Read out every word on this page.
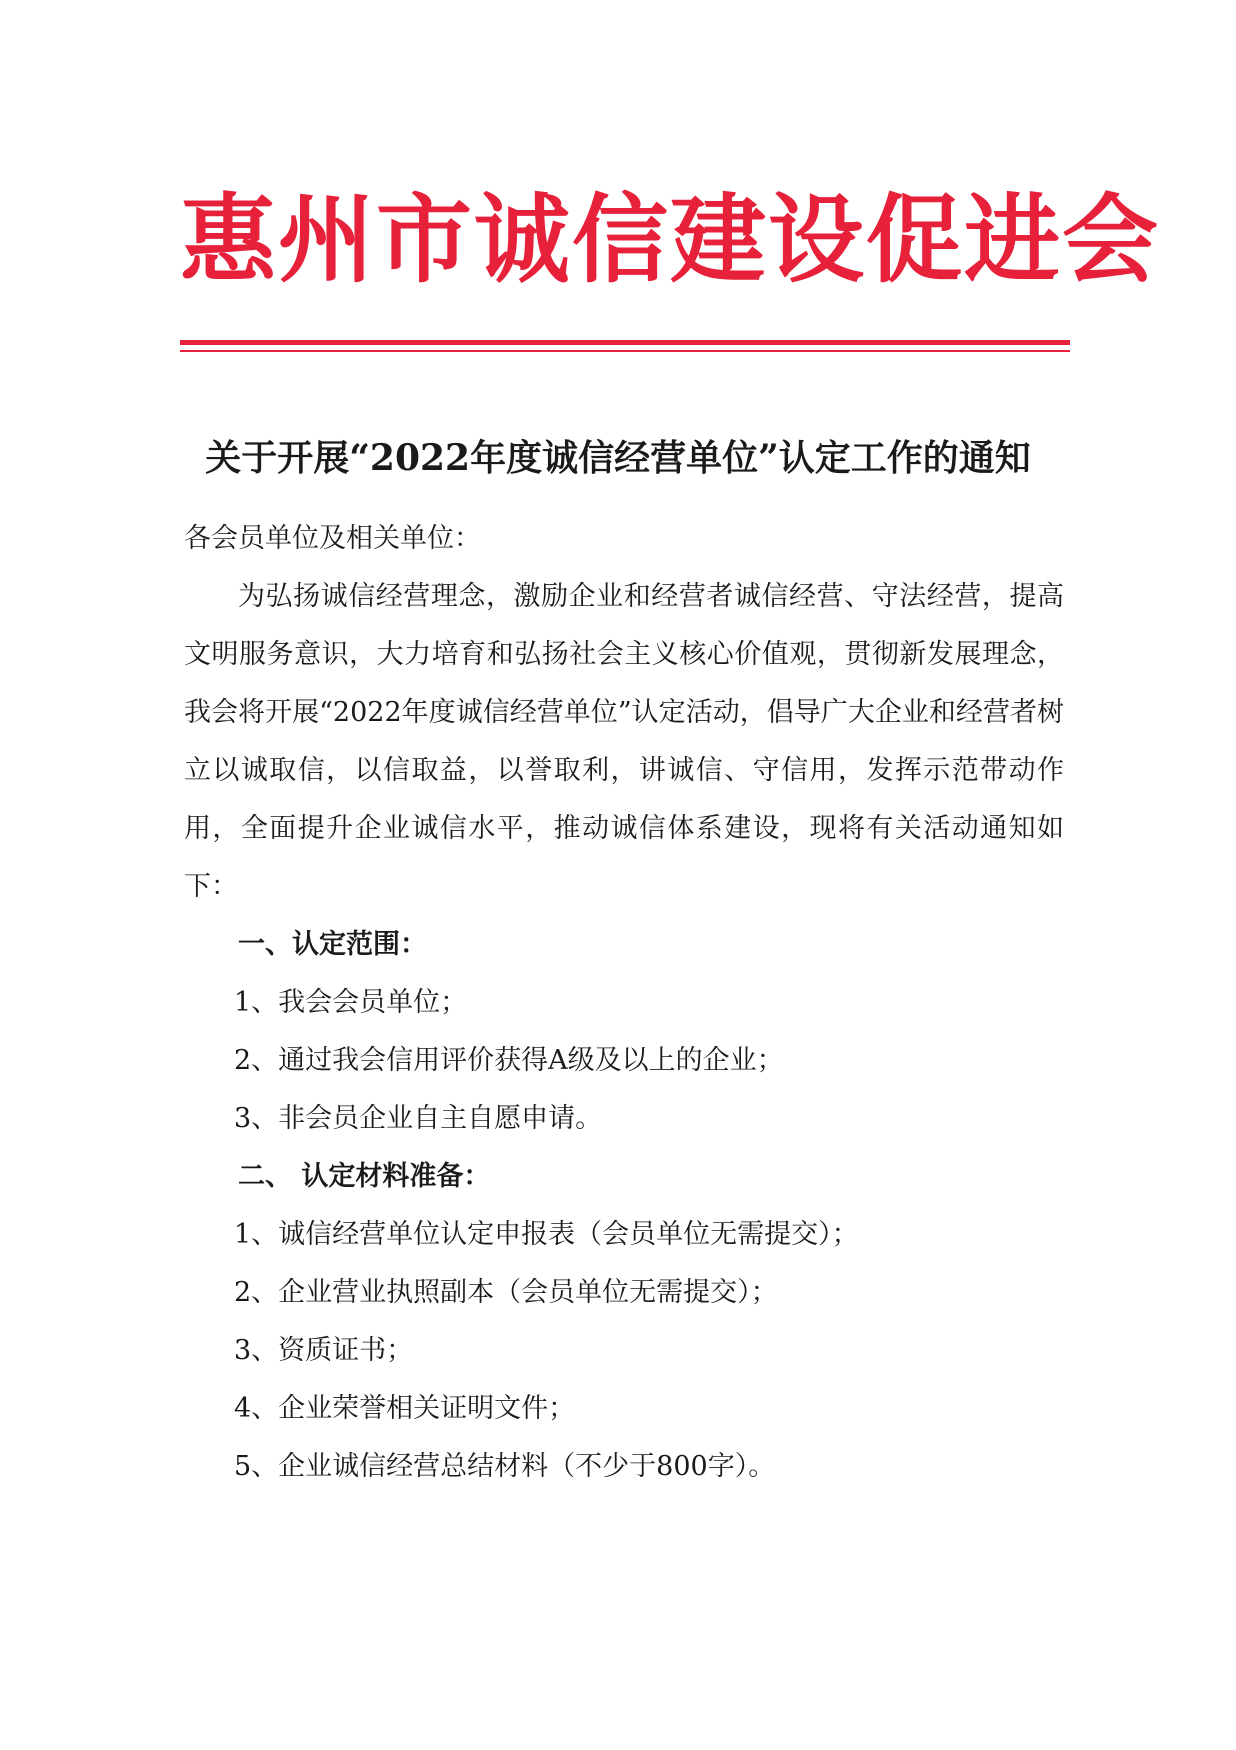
惠州市诚信建设促进会
关于开展“2022年度诚信经营单位”认定工作的通知

各会员单位及相关单位：

为弘扬诚信经营理念，激励企业和经营者诚信经营、守法经营，提高文明服务意识，大力培育和弘扬社会主义核心价值观，贯彻新发展理念，我会将开展“2022年度诚信经营单位”认定活动，倡导广大企业和经营者树立以诚取信，以信取益，以誉取利，讲诚信、守信用，发挥示范带动作用，全面提升企业诚信水平，推动诚信体系建设，现将有关活动通知如下：

一、认定范围：

1、我会会员单位；

2、通过我会信用评价获得A级及以上的企业；

3、非会员企业自主自愿申请。

二、 认定材料准备：

1、诚信经营单位认定申报表（会员单位无需提交）；

2、企业营业执照副本（会员单位无需提交）；

3、资质证书；

4、企业荣誉相关证明文件；

5、企业诚信经营总结材料（不少于800字）。
